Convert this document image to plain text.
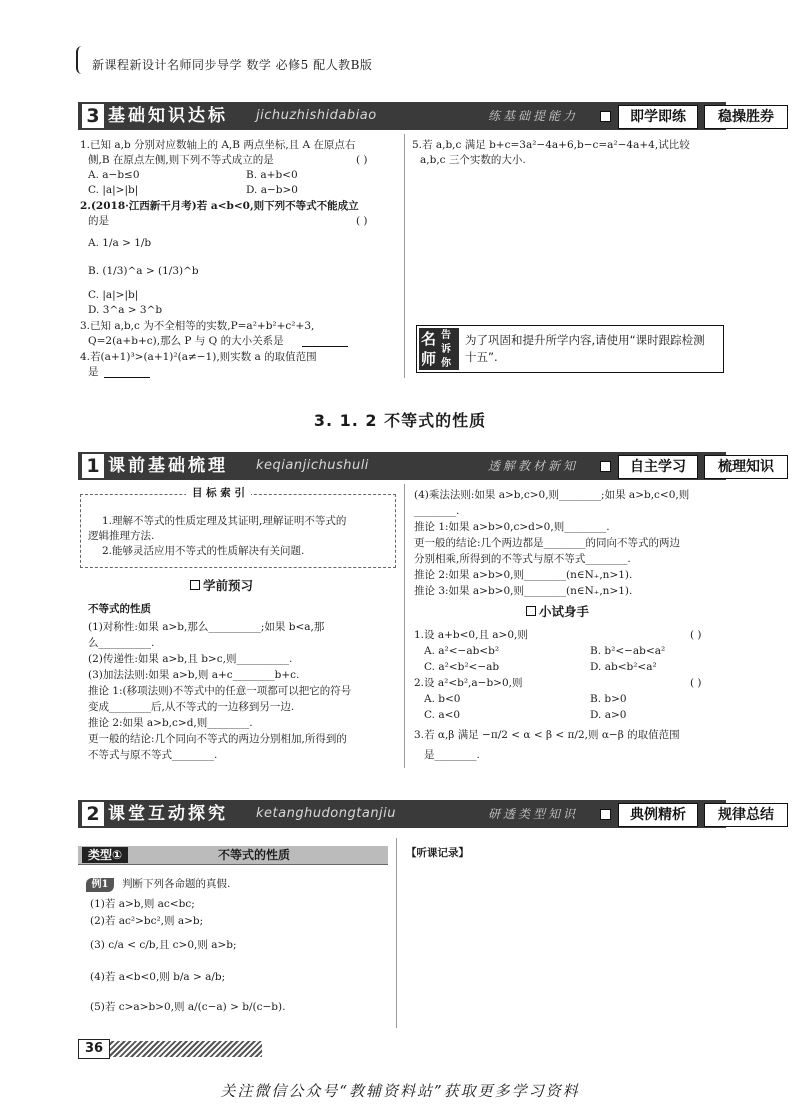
新课程新设计名师同步导学 数学 必修5 配人教B版
3 基础知识达标 jichuzhishidabiao	练基础提能力	即学即练	稳操胜券
1.已知 a,b 分别对应数轴上的 A,B 两点坐标,且 A 在原点右
侧,B 在原点左侧,则下列不等式成立的是	( )
A. a−b≤0	B. a+b<0
C. |a|>|b|	D. a−b>0
2.(2018·江西新干月考)若 a<b<0,则下列不等式不能成立
的是	( )
A. 1/a > 1/b
B. (1/3)^a > (1/3)^b
C. |a|>|b|
D. 3^a > 3^b
3.已知 a,b,c 为不全相等的实数,P=a²+b²+c²+3,
Q=2(a+b+c),那么 P 与 Q 的大小关系是
4.若(a+1)³>(a+1)²(a≠−1),则实数 a 的取值范围
是
5.若 a,b,c 满足 b+c=3a²−4a+6,b−c=a²−4a+4,试比较
a,b,c 三个实数的大小.
名 告
师
诉
你
为了巩固和提升所学内容,请使用“课时跟踪检测十五”.
3. 1. 2 不等式的性质
1 课前基础梳理 keqianjichushuli	透解教材新知	自主学习	梳理知识
目 标 索 引
1.理解不等式的性质定理及其证明,理解证明不等式的
逻辑推理方法.
2.能够灵活应用不等式的性质解决有关问题.
学前预习
不等式的性质
(1)对称性:如果 a>b,那么__________;如果 b<a,那
么__________.
(2)传递性:如果 a>b,且 b>c,则__________.
(3)加法法则:如果 a>b,则 a+c________b+c.
推论 1:(移项法则)不等式中的任意一项都可以把它的符号
变成________后,从不等式的一边移到另一边.
推论 2:如果 a>b,c>d,则________.
更一般的结论:几个同向不等式的两边分别相加,所得到的
不等式与原不等式________.
(4)乘法法则:如果 a>b,c>0,则________;如果 a>b,c<0,则
________.
推论 1:如果 a>b>0,c>d>0,则________.
更一般的结论:几个两边都是________的同向不等式的两边
分别相乘,所得到的不等式与原不等式________.
推论 2:如果 a>b>0,则________(n∈N₊,n>1).
推论 3:如果 a>b>0,则________(n∈N₊,n>1).
小试身手
1.设 a+b<0,且 a>0,则	( )
A. a²<−ab<b²	B. b²<−ab<a²
C. a²<b²<−ab	D. ab<b²<a²
2.设 a²<b²,a−b>0,则	( )
A. b<0	B. b>0
C. a<0	D. a>0
3.若 α,β 满足 −π/2 < α < β < π/2,则 α−β 的取值范围
是________.
2 课堂互动探究 ketanghudongtanjiu	研透类型知识	典例精析	规律总结
类型①	不等式的性质	【听课记录】
例1	判断下列各命题的真假.
(1)若 a>b,则 ac<bc;
(2)若 ac²>bc²,则 a>b;
(3) c/a < c/b,且 c>0,则 a>b;
(4)若 a<b<0,则 b/a > a/b;
(5)若 c>a>b>0,则 a/(c−a) > b/(c−b).
36
关注微信公众号“教辅资料站”获取更多学习资料
